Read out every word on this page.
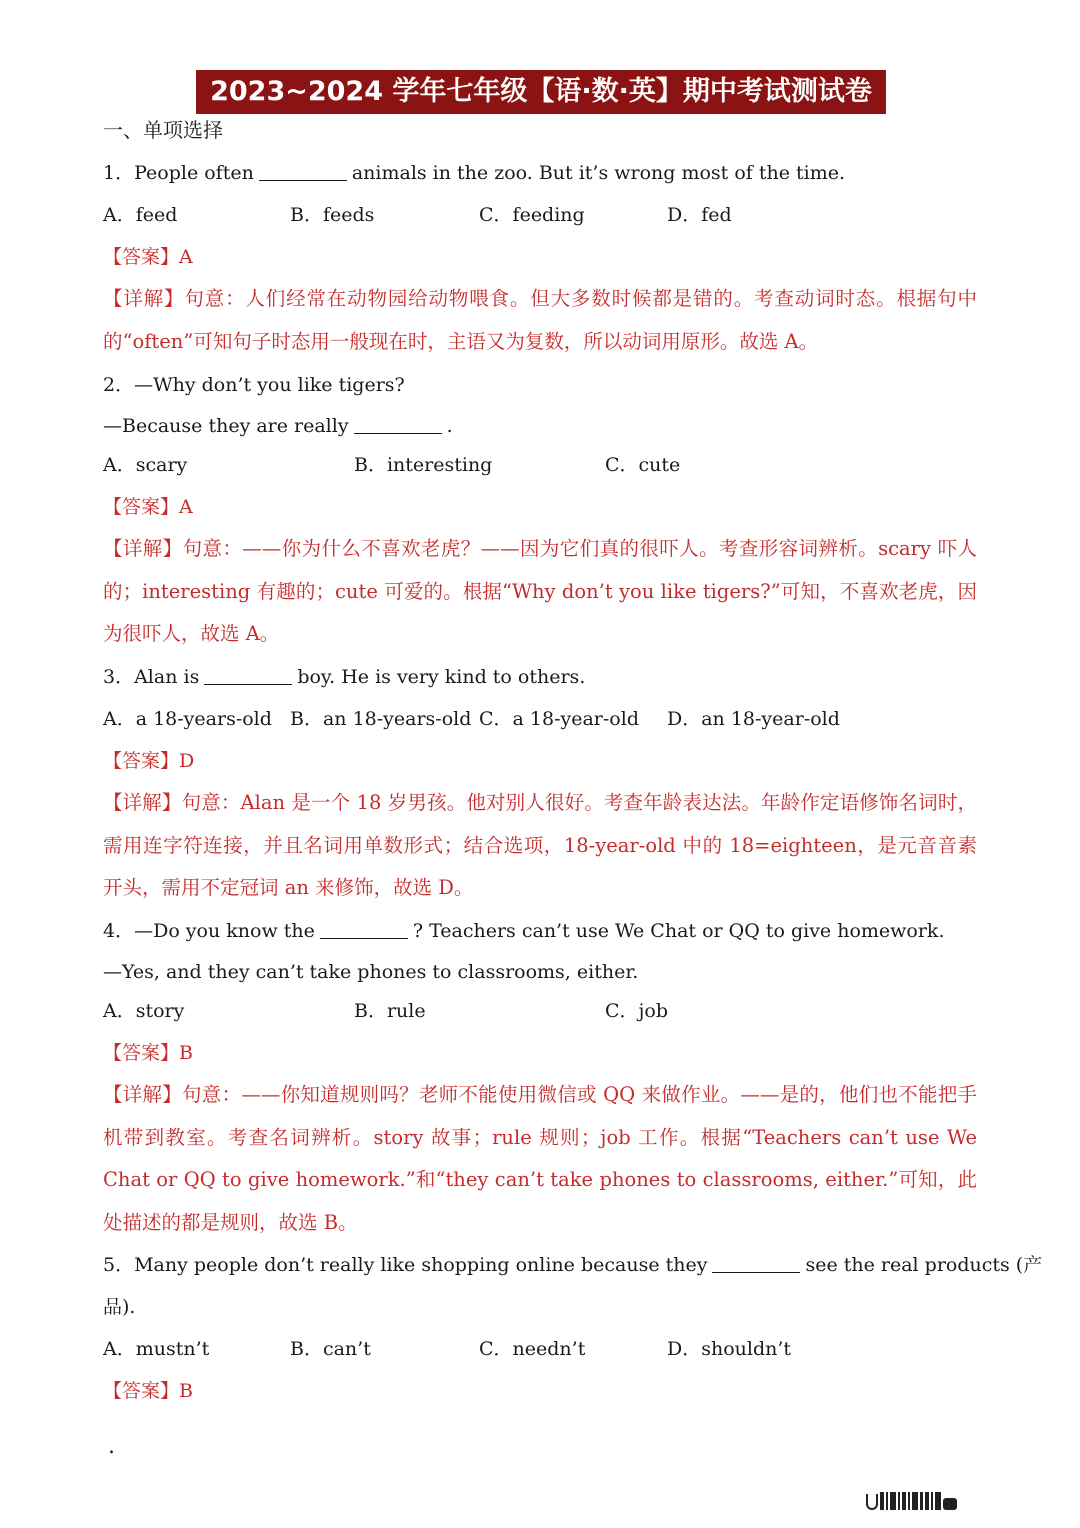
2023~2024 学年七年级【语·数·英】期中考试测试卷
一、单项选择
1．People often	animals in the zoo. But it’s wrong most of the time.
A．feed	B．feeds	C．feeding	D．fed
【答案】A
【详解】句意：人们经常在动物园给动物喂食。但大多数时候都是错的。考查动词时态。根据句中的“often”可知句子时态用一般现在时，主语又为复数，所以动词用原形。故选 A。
2．—Why don’t you like tigers?
—Because they are really	.
A．scary	B．interesting	C．cute
【答案】A
【详解】句意：——你为什么不喜欢老虎？——因为它们真的很吓人。考查形容词辨析。scary 吓人的；interesting 有趣的；cute 可爱的。根据“Why don’t you like tigers?”可知，不喜欢老虎，因为很吓人，故选 A。
3．Alan is	boy. He is very kind to others.
A．a 18-years-old B．an 18-years-old C．a 18-year-old D．an 18-year-old
【答案】D
【详解】句意：Alan 是一个 18 岁男孩。他对别人很好。考查年龄表达法。年龄作定语修饰名词时，需用连字符连接，并且名词用单数形式；结合选项，18-year-old 中的 18=eighteen，是元音音素开头，需用不定冠词 an 来修饰，故选 D。
4．—Do you know the	? Teachers can’t use We Chat or QQ to give homework.
—Yes, and they can’t take phones to classrooms, either.
A．story	B．rule	C．job
【答案】B
【详解】句意：——你知道规则吗？老师不能使用微信或 QQ 来做作业。——是的，他们也不能把手机带到教室。考查名词辨析。story 故事；rule 规则；job 工作。根据“Teachers can’t use We Chat or QQ to give homework.”和“they can’t take phones to classrooms, either.”可知，此处描述的都是规则，故选 B。
5．Many people don’t really like shopping online because they	see the real products (产
品).
A．mustn’t	B．can’t	C．needn’t	D．shouldn’t
【答案】B
.
